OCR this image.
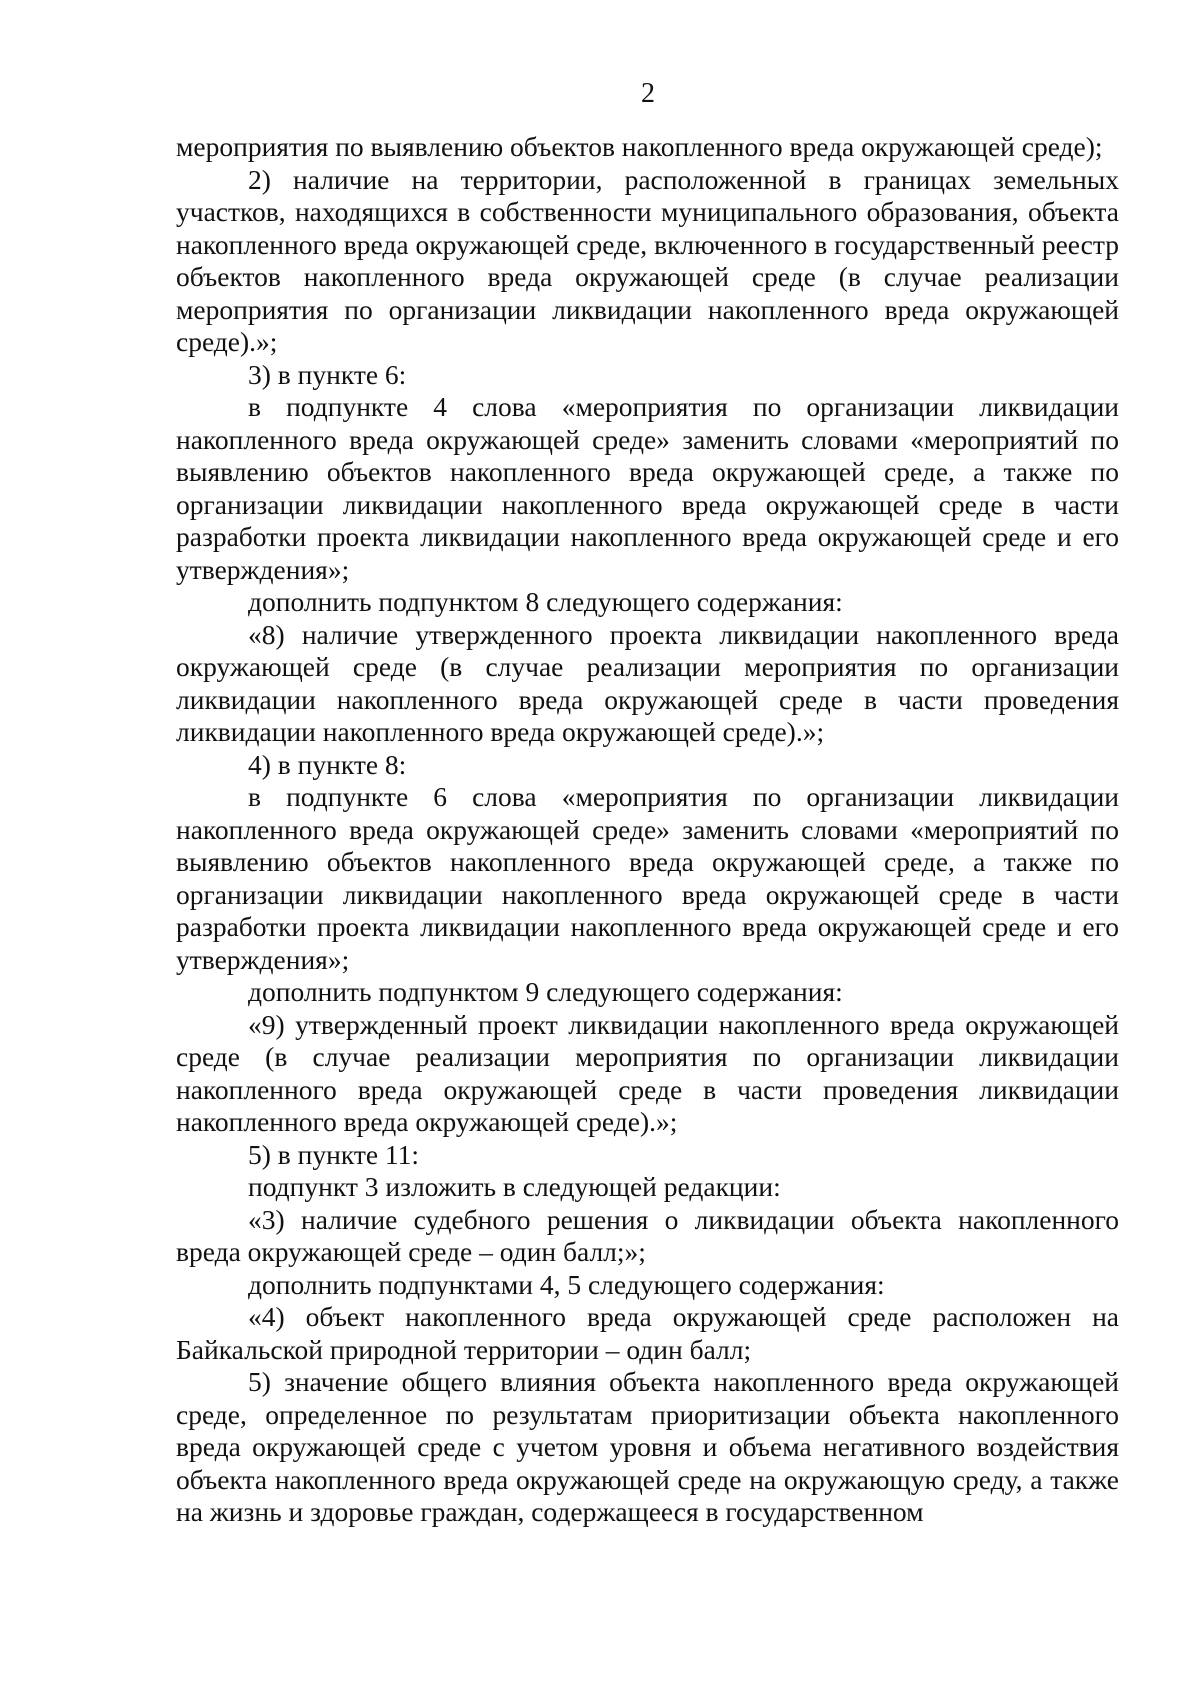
2

мероприятия по выявлению объектов накопленного вреда окружающей среде);

2) наличие на территории, расположенной в границах земельных участков, находящихся в собственности муниципального образования, объекта накопленного вреда окружающей среде, включенного в государственный реестр объектов накопленного вреда окружающей среде (в случае реализации мероприятия по организации ликвидации накопленного вреда окружающей среде).»;

3) в пункте 6:

в подпункте 4 слова «мероприятия по организации ликвидации накопленного вреда окружающей среде» заменить словами «мероприятий по выявлению объектов накопленного вреда окружающей среде, а также по организации ликвидации накопленного вреда окружающей среде в части разработки проекта ликвидации накопленного вреда окружающей среде и его утверждения»;

дополнить подпунктом 8 следующего содержания:

«8) наличие утвержденного проекта ликвидации накопленного вреда окружающей среде (в случае реализации мероприятия по организации ликвидации накопленного вреда окружающей среде в части проведения ликвидации накопленного вреда окружающей среде).»;

4) в пункте 8:

в подпункте 6 слова «мероприятия по организации ликвидации накопленного вреда окружающей среде» заменить словами «мероприятий по выявлению объектов накопленного вреда окружающей среде, а также по организации ликвидации накопленного вреда окружающей среде в части разработки проекта ликвидации накопленного вреда окружающей среде и его утверждения»;

дополнить подпунктом 9 следующего содержания:

«9) утвержденный проект ликвидации накопленного вреда окружающей среде (в случае реализации мероприятия по организации ликвидации накопленного вреда окружающей среде в части проведения ликвидации накопленного вреда окружающей среде).»;

5) в пункте 11:

подпункт 3 изложить в следующей редакции:

«3) наличие судебного решения о ликвидации объекта накопленного вреда окружающей среде – один балл;»;

дополнить подпунктами 4, 5 следующего содержания:

«4) объект накопленного вреда окружающей среде расположен на Байкальской природной территории – один балл;

5) значение общего влияния объекта накопленного вреда окружающей среде, определенное по результатам приоритизации объекта накопленного вреда окружающей среде с учетом уровня и объема негативного воздействия объекта накопленного вреда окружающей среде на окружающую среду, а также на жизнь и здоровье граждан, содержащееся в государственном
